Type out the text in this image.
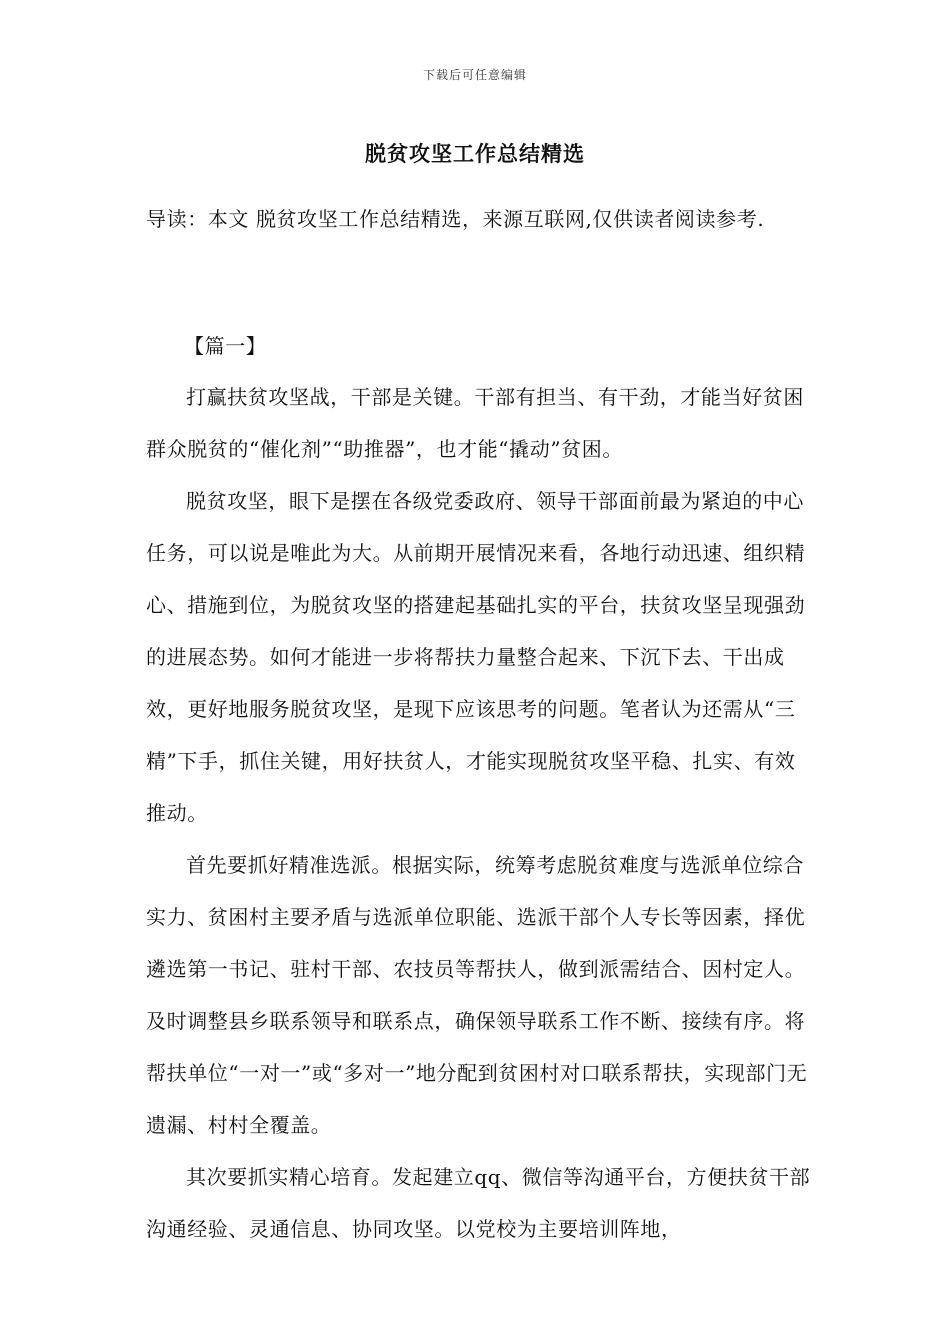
下载后可任意编辑
脱贫攻坚工作总结精选

导读：本文 脱贫攻坚工作总结精选，来源互联网,仅供读者阅读参考.

【篇一】

打赢扶贫攻坚战，干部是关键。干部有担当、有干劲，才能当好贫困群众脱贫的“催化剂”“助推器”，也才能“撬动”贫困。

脱贫攻坚，眼下是摆在各级党委政府、领导干部面前最为紧迫的中心任务，可以说是唯此为大。从前期开展情况来看，各地行动迅速、组织精心、措施到位，为脱贫攻坚的搭建起基础扎实的平台，扶贫攻坚呈现强劲的进展态势。如何才能进一步将帮扶力量整合起来、下沉下去、干出成效，更好地服务脱贫攻坚，是现下应该思考的问题。笔者认为还需从“三精”下手，抓住关键，用好扶贫人，才能实现脱贫攻坚平稳、扎实、有效推动。

首先要抓好精准选派。根据实际，统筹考虑脱贫难度与选派单位综合实力、贫困村主要矛盾与选派单位职能、选派干部个人专长等因素，择优遴选第一书记、驻村干部、农技员等帮扶人，做到派需结合、因村定人。及时调整县乡联系领导和联系点，确保领导联系工作不断、接续有序。将帮扶单位“一对一”或“多对一”地分配到贫困村对口联系帮扶，实现部门无遗漏、村村全覆盖。

其次要抓实精心培育。发起建立qq、微信等沟通平台，方便扶贫干部沟通经验、灵通信息、协同攻坚。以党校为主要培训阵地，
